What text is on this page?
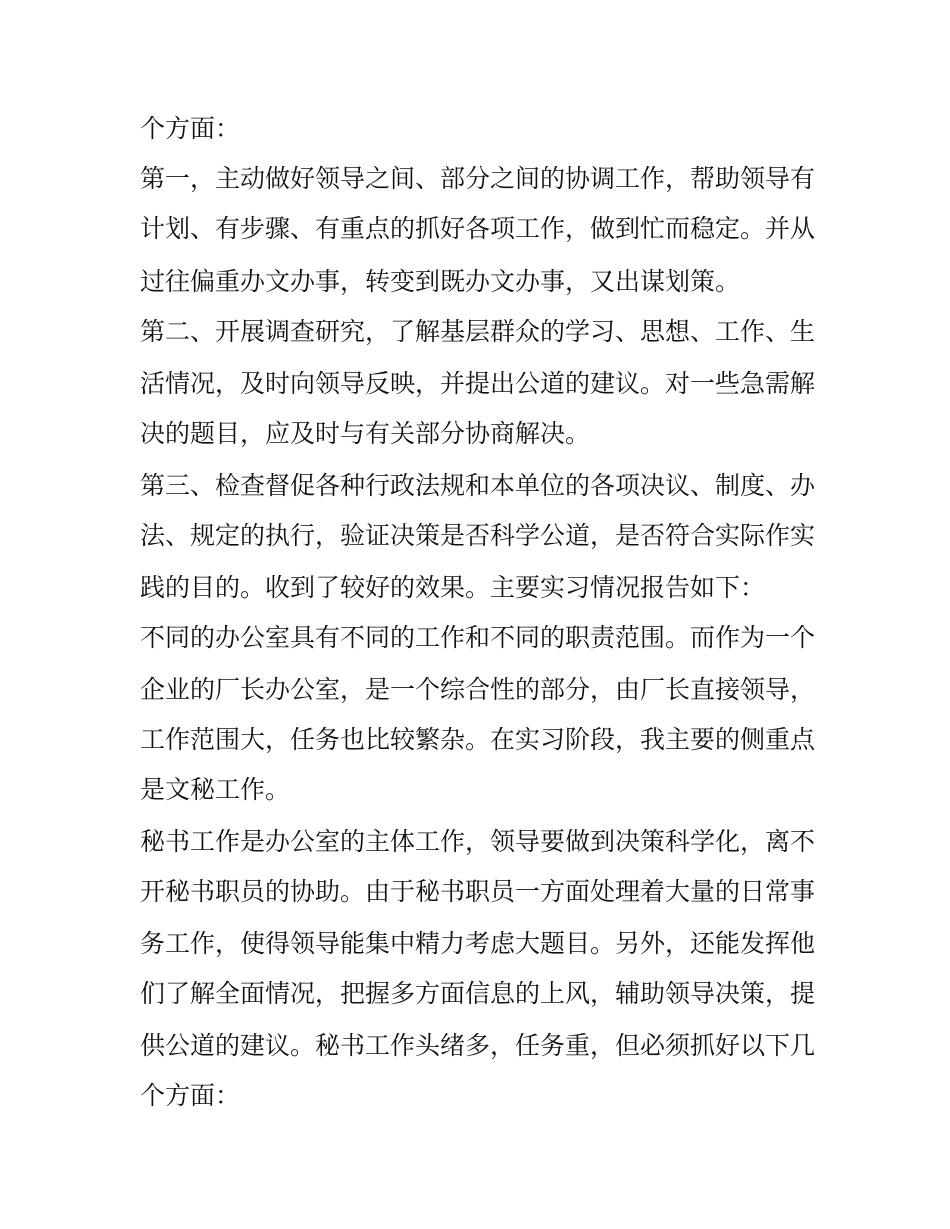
个方面：
第一，主动做好领导之间、部分之间的协调工作，帮助领导有
计划、有步骤、有重点的抓好各项工作，做到忙而稳定。并从
过往偏重办文办事，转变到既办文办事，又出谋划策。
第二、开展调查研究，了解基层群众的学习、思想、工作、生
活情况，及时向领导反映，并提出公道的建议。对一些急需解
决的题目，应及时与有关部分协商解决。
第三、检查督促各种行政法规和本单位的各项决议、制度、办
法、规定的执行，验证决策是否科学公道，是否符合实际作实
践的目的。收到了较好的效果。主要实习情况报告如下：
不同的办公室具有不同的工作和不同的职责范围。而作为一个
企业的厂长办公室，是一个综合性的部分，由厂长直接领导，
工作范围大，任务也比较繁杂。在实习阶段，我主要的侧重点
是文秘工作。
秘书工作是办公室的主体工作，领导要做到决策科学化，离不
开秘书职员的协助。由于秘书职员一方面处理着大量的日常事
务工作，使得领导能集中精力考虑大题目。另外，还能发挥他
们了解全面情况，把握多方面信息的上风，辅助领导决策，提
供公道的建议。秘书工作头绪多，任务重，但必须抓好以下几
个方面：
